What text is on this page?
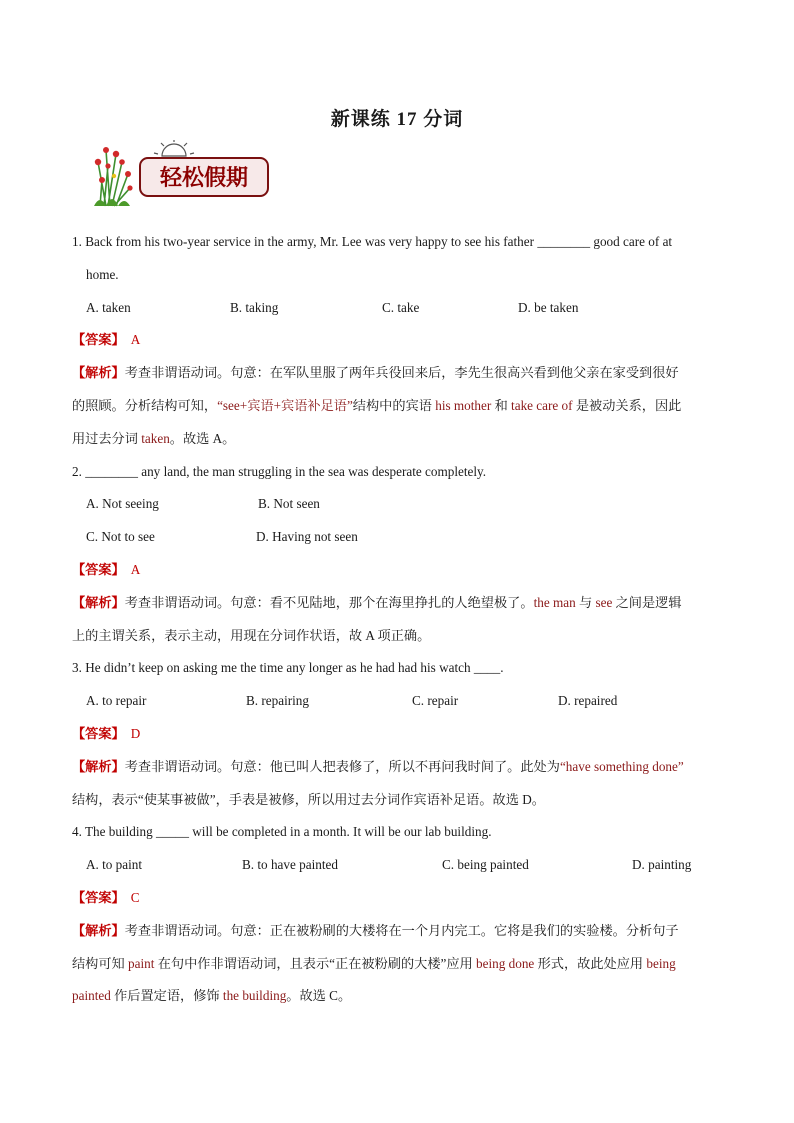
新课练 17 分词
轻松假期
1. Back from his two-year service in the army, Mr. Lee was very happy to see his father ________ good care of at
home.
A. taken	B. taking	C. take	D. be taken
【答案】 A
【解析】考查非谓语动词。句意：在军队里服了两年兵役回来后，李先生很高兴看到他父亲在家受到很好
的照顾。分析结构可知，“see+宾语+宾语补足语”结构中的宾语 his mother 和 take care of 是被动关系，因此
用过去分词 taken。故选 A。
2. ________ any land, the man struggling in the sea was desperate completely.
A. Not seeing	B. Not seen
C. Not to see	D. Having not seen
【答案】 A
【解析】考查非谓语动词。句意：看不见陆地，那个在海里挣扎的人绝望极了。the man 与 see 之间是逻辑
上的主谓关系，表示主动，用现在分词作状语，故 A 项正确。
3. He didn’t keep on asking me the time any longer as he had had his watch ____.
A. to repair	B. repairing	C. repair	D. repaired
【答案】 D
【解析】考查非谓语动词。句意：他已叫人把表修了，所以不再问我时间了。此处为“have something done”
结构，表示“使某事被做”，手表是被修，所以用过去分词作宾语补足语。故选 D。
4. The building _____ will be completed in a month. It will be our lab building.
A. to paint	B. to have painted	C. being painted	D. painting
【答案】 C
【解析】考查非谓语动词。句意：正在被粉刷的大楼将在一个月内完工。它将是我们的实验楼。分析句子
结构可知 paint 在句中作非谓语动词，且表示“正在被粉刷的大楼”应用 being done 形式，故此处应用 being
painted 作后置定语，修饰 the building。故选 C。
